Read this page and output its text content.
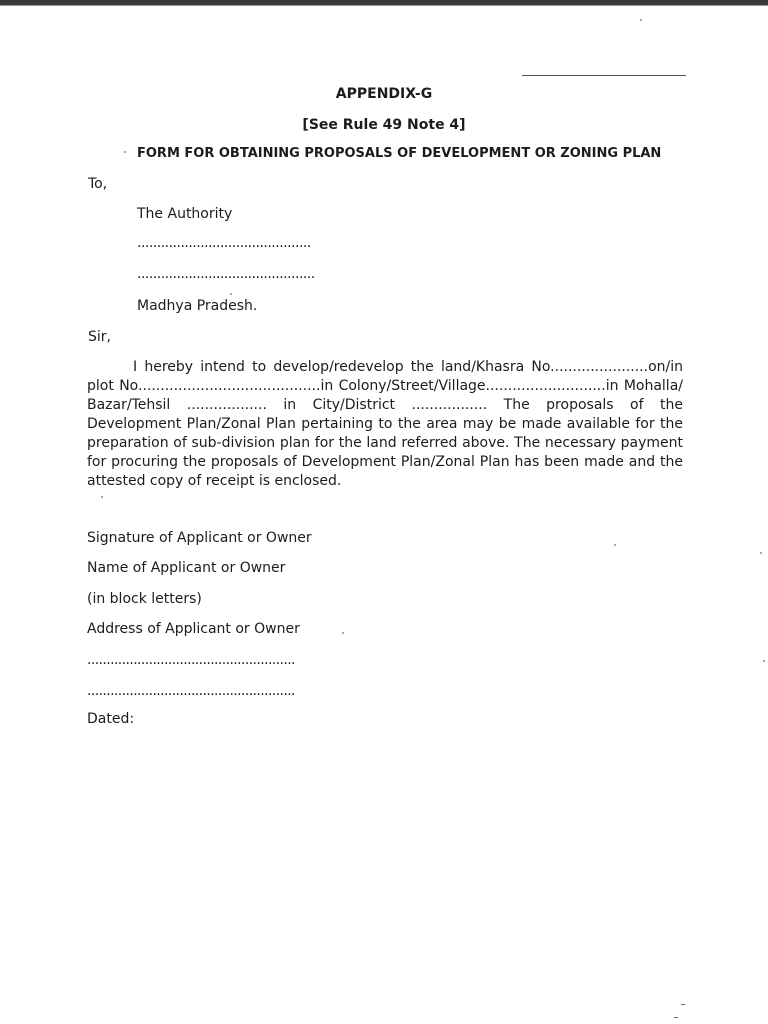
APPENDIX-G
[See Rule 49 Note 4]
FORM FOR OBTAINING PROPOSALS OF DEVELOPMENT OR ZONING PLAN
To,
The Authority
............................................
.............................................
Madhya Pradesh.
Sir,

I hereby intend to develop/redevelop the land/Khasra No......................on/in plot No.........................................in Colony/Street/Village...........................in Mohalla/ Bazar/Tehsil .................. in City/District ................. The proposals of the Development Plan/Zonal Plan pertaining to the area may be made available for the preparation of sub-division plan for the land referred above. The necessary payment for procuring the proposals of Development Plan/Zonal Plan has been made and the attested copy of receipt is enclosed.

Signature of Applicant or Owner
Name of Applicant or Owner
(in block letters)
Address of Applicant or Owner
......................................................
......................................................
Dated:
